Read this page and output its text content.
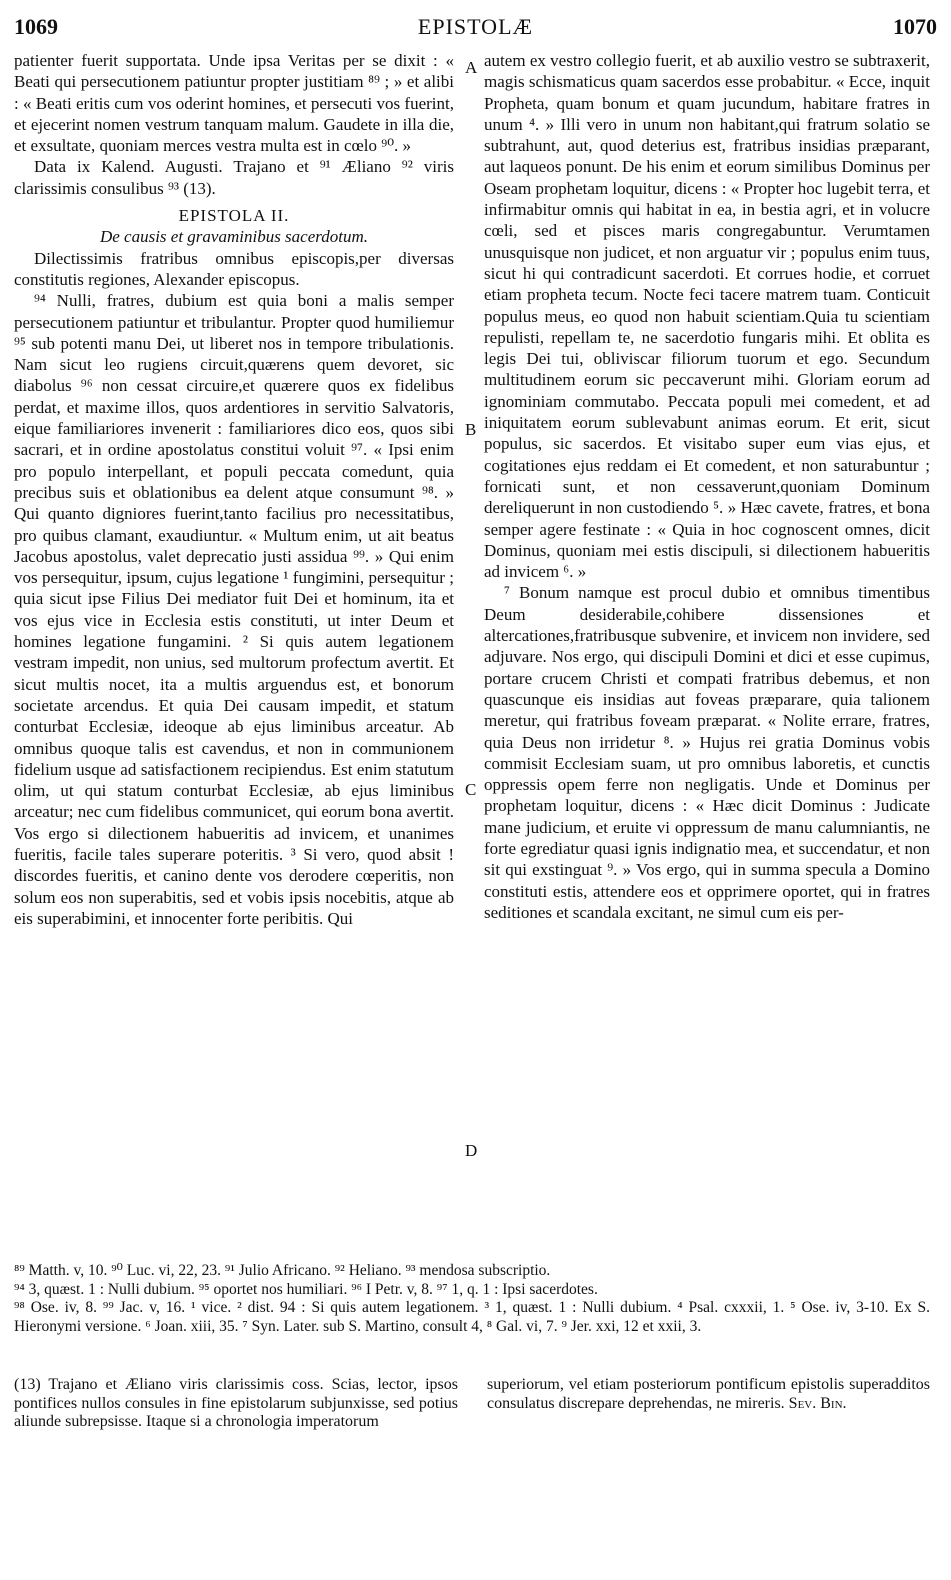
1069	EPISTOLÆ	1070

patienter fuerit supportata. Unde ipsa Veritas per se dixit : « Beati qui persecutionem patiuntur propter justitiam ⁸⁹ ; » et alibi : « Beati eritis cum vos oderint homines, et persecuti vos fuerint, et ejecerint nomen vestrum tanquam malum. Gaudete in illa die, et exsultate, quoniam merces vestra multa est in cœlo ⁹⁰. »

Data ix Kalend. Augusti. Trajano et ⁹¹ Æliano ⁹² viris clarissimis consulibus ⁹³ (13).

EPISTOLA II.

De causis et gravaminibus sacerdotum.

Dilectissimis fratribus omnibus episcopis,per diversas constitutis regiones, Alexander episcopus.

⁹⁴ Nulli, fratres, dubium est quia boni a malis semper persecutionem patiuntur et tribulantur. Propter quod humiliemur ⁹⁵ sub potenti manu Dei, ut liberet nos in tempore tribulationis. Nam sicut leo rugiens circuit,quærens quem devoret, sic diabolus ⁹⁶ non cessat circuire,et quærere quos ex fidelibus perdat, et maxime illos, quos ardentiores in servitio Salvatoris, eique familiariores invenerit : familiariores dico eos, quos sibi sacrari, et in ordine apostolatus constitui voluit ⁹⁷. « Ipsi enim pro populo interpellant, et populi peccata comedunt, quia precibus suis et oblationibus ea delent atque consumunt ⁹⁸. » Qui quanto digniores fuerint,tanto facilius pro necessitatibus, pro quibus clamant, exaudiuntur. « Multum enim, ut ait beatus Jacobus apostolus, valet deprecatio justi assidua ⁹⁹. » Qui enim vos persequitur, ipsum, cujus legatione ¹ fungimini, persequitur ; quia sicut ipse Filius Dei mediator fuit Dei et hominum, ita et vos ejus vice in Ecclesia estis constituti, ut inter Deum et homines legatione fungamini. ² Si quis autem legationem vestram impedit, non unius, sed multorum profectum avertit. Et sicut multis nocet, ita a multis arguendus est, et bonorum societate arcendus. Et quia Dei causam impedit, et statum conturbat Ecclesiæ, ideoque ab ejus liminibus arceatur. Ab omnibus quoque talis est cavendus, et non in communionem fidelium usque ad satisfactionem recipiendus. Est enim statutum olim, ut qui statum conturbat Ecclesiæ, ab ejus liminibus arceatur; nec cum fidelibus communicet, qui eorum bona avertit. Vos ergo si dilectionem habueritis ad invicem, et unanimes fueritis, facile tales superare poteritis. ³ Si vero, quod absit ! discordes fueritis, et canino dente vos derodere cœperitis, non solum eos non superabitis, sed et vobis ipsis nocebitis, atque ab eis superabimini, et innocenter forte peribitis. Qui

autem ex vestro collegio fuerit, et ab auxilio vestro se subtraxerit, magis schismaticus quam sacerdos esse probabitur. « Ecce, inquit Propheta, quam bonum et quam jucundum, habitare fratres in unum ⁴. » Illi vero in unum non habitant,qui fratrum solatio se subtrahunt, aut, quod deterius est, fratribus insidias præparant, aut laqueos ponunt. De his enim et eorum similibus Dominus per Oseam prophetam loquitur, dicens : « Propter hoc lugebit terra, et infirmabitur omnis qui habitat in ea, in bestia agri, et in volucre cœli, sed et pisces maris congregabuntur. Verumtamen unusquisque non judicet, et non arguatur vir ; populus enim tuus, sicut hi qui contradicunt sacerdoti. Et corrues hodie, et corruet etiam propheta tecum. Nocte feci tacere matrem tuam. Conticuit populus meus, eo quod non habuit scientiam.Quia tu scientiam repulisti, repellam te, ne sacerdotio fungaris mihi. Et oblita es legis Dei tui, obliviscar filiorum tuorum et ego. Secundum multitudinem eorum sic peccaverunt mihi. Gloriam eorum ad ignominiam commutabo. Peccata populi mei comedent, et ad iniquitatem eorum sublevabunt animas eorum. Et erit, sicut populus, sic sacerdos. Et visitabo super eum vias ejus, et cogitationes ejus reddam ei Et comedent, et non saturabuntur ; fornicati sunt, et non cessaverunt,quoniam Dominum dereliquerunt in non custodiendo ⁵. » Hæc cavete, fratres, et bona semper agere festinate : « Quia in hoc cognoscent omnes, dicit Dominus, quoniam mei estis discipuli, si dilectionem habueritis ad invicem ⁶. »

⁷ Bonum namque est procul dubio et omnibus timentibus Deum desiderabile,cohibere dissensiones et altercationes,fratribusque subvenire, et invicem non invidere, sed adjuvare. Nos ergo, qui discipuli Domini et dici et esse cupimus, portare crucem Christi et compati fratribus debemus, et non quascunque eis insidias aut foveas præparare, quia talionem meretur, qui fratribus foveam præparat. « Nolite errare, fratres, quia Deus non irridetur ⁸. » Hujus rei gratia Dominus vobis commisit Ecclesiam suam, ut pro omnibus laboretis, et cunctis oppressis opem ferre non negligatis. Unde et Dominus per prophetam loquitur, dicens : « Hæc dicit Dominus : Judicate mane judicium, et eruite vi oppressum de manu calumniantis, ne forte egrediatur quasi ignis indignatio mea, et succendatur, et non sit qui exstinguat ⁹. » Vos ergo, qui in summa specula a Domino constituti estis, attendere eos et opprimere oportet, qui in fratres seditiones et scandala excitant, ne simul cum eis per-

A
B
C
D

⁸⁹ Matth. v, 10. ⁹⁰ Luc. vi, 22, 23. ⁹¹ Julio Africano. ⁹² Heliano. ⁹³ mendosa subscriptio.

⁹⁴ 3, quæst. 1 : Nulli dubium. ⁹⁵ oportet nos humiliari. ⁹⁶ I Petr. v, 8. ⁹⁷ 1, q. 1 : Ipsi sacerdotes.

⁹⁸ Ose. iv, 8. ⁹⁹ Jac. v, 16. ¹ vice. ² dist. 94 : Si quis autem legationem. ³ 1, quæst. 1 : Nulli dubium. ⁴ Psal. cxxxii, 1. ⁵ Ose. iv, 3-10. Ex S. Hieronymi versione. ⁶ Joan. xiii, 35. ⁷ Syn. Later. sub S. Martino, consult 4, ⁸ Gal. vi, 7. ⁹ Jer. xxi, 12 et xxii, 3.

(13) Trajano et Æliano viris clarissimis coss. Scias, lector, ipsos pontifices nullos consules in fine epistolarum subjunxisse, sed potius aliunde subrepsisse. Itaque si a chronologia imperatorum

superiorum, vel etiam posteriorum pontificum epistolis superadditos consulatus discrepare deprehendas, ne mireris. Sev. Bin.
